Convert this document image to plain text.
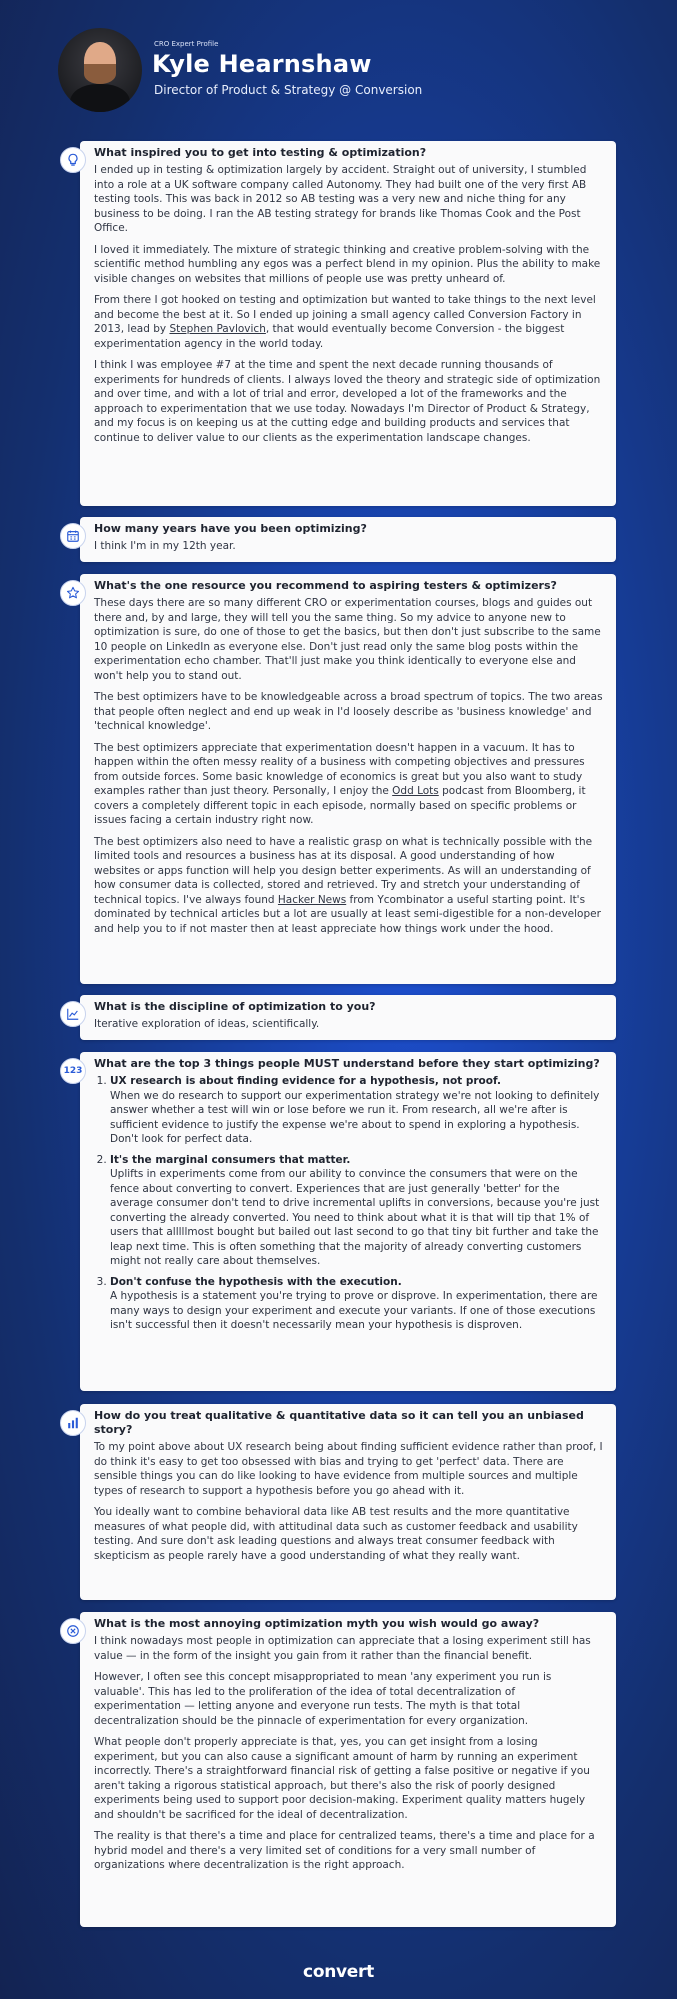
CRO Expert Profile
Kyle Hearnshaw
Director of Product & Strategy @ Conversion
What inspired you to get into testing & optimization?

I ended up in testing & optimization largely by accident. Straight out of university, I stumbled into a role at a UK software company called Autonomy. They had built one of the very first AB testing tools. This was back in 2012 so AB testing was a very new and niche thing for any business to be doing. I ran the AB testing strategy for brands like Thomas Cook and the Post Office.

I loved it immediately. The mixture of strategic thinking and creative problem-solving with the scientific method humbling any egos was a perfect blend in my opinion. Plus the ability to make visible changes on websites that millions of people use was pretty unheard of.

From there I got hooked on testing and optimization but wanted to take things to the next level and become the best at it. So I ended up joining a small agency called Conversion Factory in 2013, lead by Stephen Pavlovich, that would eventually become Conversion - the biggest experimentation agency in the world today.

I think I was employee #7 at the time and spent the next decade running thousands of experiments for hundreds of clients. I always loved the theory and strategic side of optimization and over time, and with a lot of trial and error, developed a lot of the frameworks and the approach to experimentation that we use today. Nowadays I'm Director of Product & Strategy, and my focus is on keeping us at the cutting edge and building products and services that continue to deliver value to our clients as the experimentation landscape changes.

How many years have you been optimizing?

I think I'm in my 12th year.

What's the one resource you recommend to aspiring testers & optimizers?

These days there are so many different CRO or experimentation courses, blogs and guides out there and, by and large, they will tell you the same thing. So my advice to anyone new to optimization is sure, do one of those to get the basics, but then don't just subscribe to the same 10 people on LinkedIn as everyone else. Don't just read only the same blog posts within the experimentation echo chamber. That'll just make you think identically to everyone else and won't help you to stand out.

The best optimizers have to be knowledgeable across a broad spectrum of topics. The two areas that people often neglect and end up weak in I'd loosely describe as 'business knowledge' and 'technical knowledge'.

The best optimizers appreciate that experimentation doesn't happen in a vacuum. It has to happen within the often messy reality of a business with competing objectives and pressures from outside forces. Some basic knowledge of economics is great but you also want to study examples rather than just theory. Personally, I enjoy the Odd Lots podcast from Bloomberg, it covers a completely different topic in each episode, normally based on specific problems or issues facing a certain industry right now.

The best optimizers also need to have a realistic grasp on what is technically possible with the limited tools and resources a business has at its disposal. A good understanding of how websites or apps function will help you design better experiments. As will an understanding of how consumer data is collected, stored and retrieved. Try and stretch your understanding of technical topics. I've always found Hacker News from Ycombinator a useful starting point. It's dominated by technical articles but a lot are usually at least semi-digestible for a non-developer and help you to if not master then at least appreciate how things work under the hood.

What is the discipline of optimization to you?

Iterative exploration of ideas, scientifically.

123
What are the top 3 things people MUST understand before they start optimizing?
1. UX research is about finding evidence for a hypothesis, not proof.
When we do research to support our experimentation strategy we're not looking to definitely answer whether a test will win or lose before we run it. From research, all we're after is sufficient evidence to justify the expense we're about to spend in exploring a hypothesis. Don't look for perfect data.
2. It's the marginal consumers that matter.
Uplifts in experiments come from our ability to convince the consumers that were on the fence about converting to convert. Experiences that are just generally 'better' for the average consumer don't tend to drive incremental uplifts in conversions, because you're just converting the already converted. You need to think about what it is that will tip that 1% of users that alllllmost bought but bailed out last second to go that tiny bit further and take the leap next time. This is often something that the majority of already converting customers might not really care about themselves.
3. Don't confuse the hypothesis with the execution.
A hypothesis is a statement you're trying to prove or disprove. In experimentation, there are many ways to design your experiment and execute your variants. If one of those executions isn't successful then it doesn't necessarily mean your hypothesis is disproven.
How do you treat qualitative & quantitative data so it can tell you an unbiased story?

To my point above about UX research being about finding sufficient evidence rather than proof, I do think it's easy to get too obsessed with bias and trying to get 'perfect' data. There are sensible things you can do like looking to have evidence from multiple sources and multiple types of research to support a hypothesis before you go ahead with it.

You ideally want to combine behavioral data like AB test results and the more quantitative measures of what people did, with attitudinal data such as customer feedback and usability testing. And sure don't ask leading questions and always treat consumer feedback with skepticism as people rarely have a good understanding of what they really want.

What is the most annoying optimization myth you wish would go away?

I think nowadays most people in optimization can appreciate that a losing experiment still has value — in the form of the insight you gain from it rather than the financial benefit.

However, I often see this concept misappropriated to mean 'any experiment you run is valuable'. This has led to the proliferation of the idea of total decentralization of experimentation — letting anyone and everyone run tests. The myth is that total decentralization should be the pinnacle of experimentation for every organization.

What people don't properly appreciate is that, yes, you can get insight from a losing experiment, but you can also cause a significant amount of harm by running an experiment incorrectly. There's a straightforward financial risk of getting a false positive or negative if you aren't taking a rigorous statistical approach, but there's also the risk of poorly designed experiments being used to support poor decision-making. Experiment quality matters hugely and shouldn't be sacrificed for the ideal of decentralization.

The reality is that there's a time and place for centralized teams, there's a time and place for a hybrid model and there's a very limited set of conditions for a very small number of organizations where decentralization is the right approach.

convert
